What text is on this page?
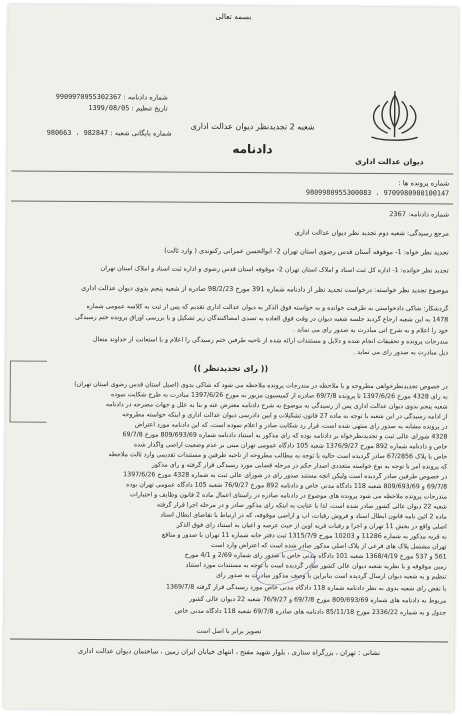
بسمه تعالی
شماره دادنامه : 9909970955302367
تاریخ تنظیم : 1399/08/05
شماره بایگانی شعبه : 982847 ، 980663
شعبه 2 تجدیدنظر دیوان عدالت اداری
دادنامه
دیوان عدالت اداری
شماره پرونده ها :
9809980955300083 ، 9709980900100147
شماره دادنامه: 2367
مرجع رسیدگی: شعبه دوم تجدید نظر دیوان عدالت اداری
تجدید نظر خواه: 1- موقوفه آستان قدس رضوی استان تهران 2- ابوالحسن عمرانی رکنوندی ( وارد ثالث)
تجدید نظر خوانده: 1- اداره کل ثبت اسناد و املاک استان تهران 2- موقوفه آستان قدس رضوی و اداره ثبت اسناد و املاک استان تهران
موضوع تجدید نظر خواسته: درخواست تجدید نظر از دادنامه شماره 391 مورخ 98/2/23 صادره از شعبه پنجم بدوی دیوان عدالت اداری
گردشکار: شاکی دادخواستی به طرفیت خوانده و به خواسته فوق الذکر به دیوان عدالت اداری تقدیم که پس از ثبت به کلاسه عمومی شماره
1478 به این شعبه ارجاع گردید جلسه شعبه دیوان در وقت فوق العاده به تصدی امضاکنندگان زیر تشکیل و با بررسی اوراق پرونده ختم رسیدگی
خود را اعلام و به شرح آتی مبادرت به صدور رای می نماید .
مندرجات پرونده و تحقیقات انجام شده و دلایل و مستندات ارائه شده از ناحیه طرفین ختم رسیدگی را اعلام و با استعانت از خداوند متعال
ذیل مبادرت به صدور رای می نماید .
(( رای تجدیدنظر ))
در خصوص تجدیدنظرخواهی مطروحه و با ملاحظه در مندرجات پرونده ملاحظه می شود که شاکی بدوی (اصیل آستان قدس رضوی استان تهران)
به رای 4328 مورخ 1397/6/26 تا پرونده 69/7/8 صادره از کمیسیون مزبور به مورخ 1397/6/26 مبادرت به طرح شکایت نموده
شعبه پنجم بدوی دیوان عدالت اداری پس از رسیدگی به موضوع به شرح دادنامه معترض عنه و بنا به علل و جهات مصرحه در دادنامه
از ادامه رسیدگی در این شعبه با توجه به ماده 27 قانون تشکیلات و آیین دادرسی دیوان عدالت اداری و اینکه خواسته مطروحه
در پرونده مشابه به صدور رای منتهی شده است، قرار رد شکایت صادر و اعلام نموده است، که این دادنامه مورد اعتراض
4328 شورای عالی ثبت و تجدیدنظرخواه بر دادنامه بوده که رای مذکور به استناد دادنامه شماره 809/693/69 مورخ 69/7/8
خاص و دادنامه شماره 892 مورخ 1376/9/27 شعبه 105 دادگاه عمومی تهران مبنی بر عدم وضعیت اراضی واگذار شده
خاص با پلاک 67/2856 صادر گردیده است حالیه با توجه به مطالب مطروحه از ناحیه طرفین و مستندات تقدیمی وارد ثالث ملاحظه
که پرونده امر با توجه به نوع خواسته متعددی اصدار حکم در مرحله قضایی مورد رسیدگی قرار گرفته و رای مذکور
در خصوص طرفین صادر گردیده است ولیکن آنچه مستند صدور رای در شورای عالی ثبت به شماره 4328 مورخ 1397/6/26
69/7/8 و 809/693/69 شعبه 118 دادگاه مدنی خاص و دادنامه 892 مورخ 76/9/27 شعبه 105 دادگاه عمومی تهران بوده
مندرجات پرونده ملاحظه می شود پرونده های موضوع در دادنامه صادره در راستای اعمال ماده 2 قانون وظایف و اختیارات
شعبه 22 دیوان عالی کشور صادر شده است، لذا با عنایت به اینکه رای مذکور صادر و در مرحله اجرا قرار گرفته
ماده 2 آئین نامه قانون ابطال اسناد و فروش رقبات، آب و اراضی موقوفه، که در ارتباط با تقاضای ابطال اسناد
اصلی واقع در بخش 11 تهران و اجرا و رقبات قریه اوین از حیث عرصه و اعیان به استناد رای فوق الذکر
به قریه مذکور به شماره 11286 و 10203 مورخ 1315/7/9 ثبت دفتر خانه شماره 11 تهران با صدور و منافع
تهران مشتمل پلاک های فرعی از پلاک اصلی مذکور صادر شده است که اعتراض وارد است
561 و 537 مورخ 1368/4/19 شعبه 101 دادگاه مدنی خاص با صدور رای شماره 2/69 و 4/1 مورخ
زمین موقوفه و با نظریه شعبه دیوان عالی کشور صادر گردیده است با توجه به مستندات مورد استناد
تنظیم و به شعبه دیوان ارسال گردیده است بنابراین با وصف مذکور مبادرت به صدور رای
با نقض رای شعبه بدوی به نظر دادنامه شماره 118 دادگاه مدنی خاص مورد رسیدگی قرار گرفته 1369/7/8
مربوط به دادنامه های شماره 809/693/69 مورخ 69/7/8 و 76/9/27 شعبه 22 دیوان عالی کشور
جدول و به شماره 2336/22 مورخ 85/11/18 دادنامه های صادره 69/7/8 شعبه 118 دادگاه مدنی خاص
تصویر برابر با اصل است
نشانی : تهران ، بزرگراه ستاری ، بلوار شهید مفتح ، انتهای خیابان ایران زمین ، ساختمان دیوان عدالت اداری
